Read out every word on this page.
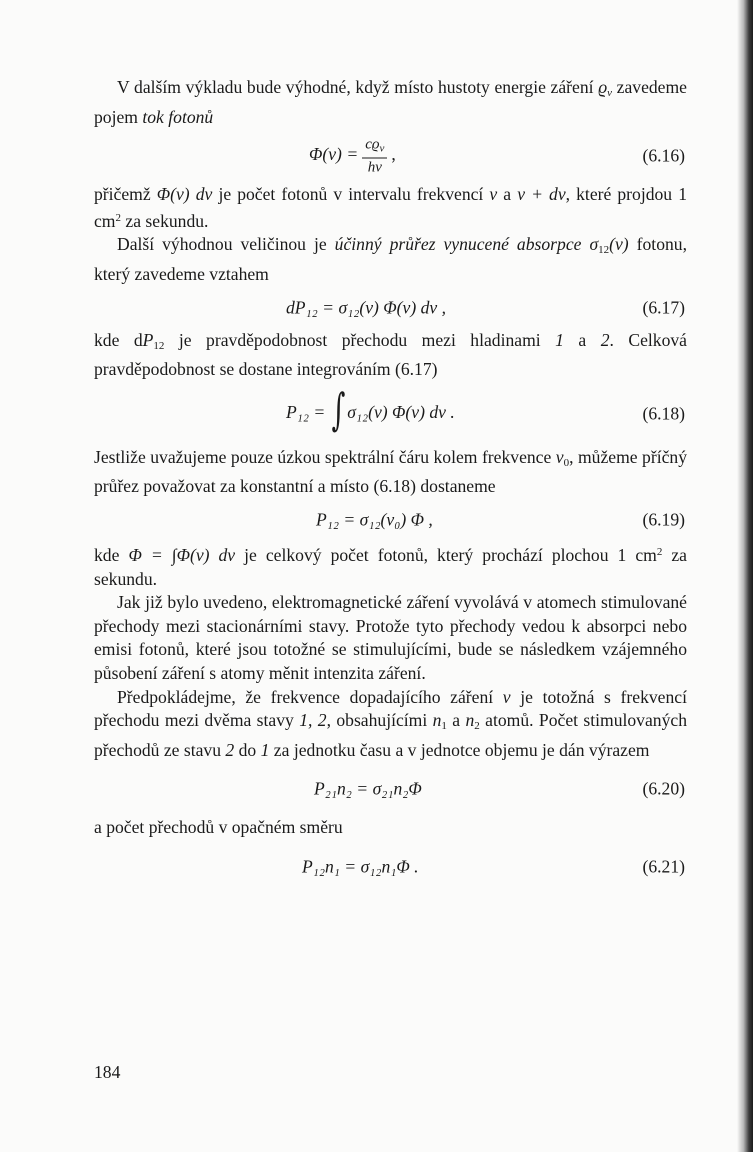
V dalším výkladu bude výhodné, když místo hustoty energie záření $ϱ_\nu$ zavedeme pojem tok fotonů

$\Phi(\nu) = \frac{cϱ_\nu}{h\nu}$ ,	(6.16)

přičemž Φ(ν) dν je počet fotonů v intervalu frekvencí ν a ν + dν, které projdou 1 $cm^2$ za sekundu.

Další výhodnou veličinou je účinný průřez vynucené absorpce $\sigma_{12}(\nu)$ fotonu, který zavedeme vztahem

dP₁₂ = σ₁₂(ν) Φ(ν) dν ,	(6.17)

kde $dP_{12}$ je pravděpodobnost přechodu mezi hladinami 1 a 2. Celková pravděpodobnost se dostane integrováním (6.17)

P₁₂ = ∫σ₁₂(ν) Φ(ν) dν .	(6.18)

Jestliže uvažujeme pouze úzkou spektrální čáru kolem frekvence $\nu_0$, můžeme příčný průřez považovat za konstantní a místo (6.18) dostaneme

P₁₂ = σ₁₂(ν₀) Φ ,	(6.19)

kde Φ = ∫Φ(ν) dν je celkový počet fotonů, který prochází plochou 1 $cm^2$ za sekundu.

Jak již bylo uvedeno, elektromagnetické záření vyvolává v atomech stimulované přechody mezi stacionárními stavy. Protože tyto přechody vedou k absorpci nebo emisi fotonů, které jsou totožné se stimulujícími, bude se následkem vzájemného působení záření s atomy měnit intenzita záření.

Předpokládejme, že frekvence dopadajícího záření ν je totožná s frekvencí přechodu mezi dvěma stavy 1, 2, obsahujícími $n_1$ a $n_2$ atomů. Počet stimulovaných přechodů ze stavu 2 do 1 za jednotku času a v jednotce objemu je dán výrazem

P₂₁n₂ = σ₂₁n₂Φ	(6.20)

a počet přechodů v opačném směru

P₁₂n₁ = σ₁₂n₁Φ .	(6.21)
184
